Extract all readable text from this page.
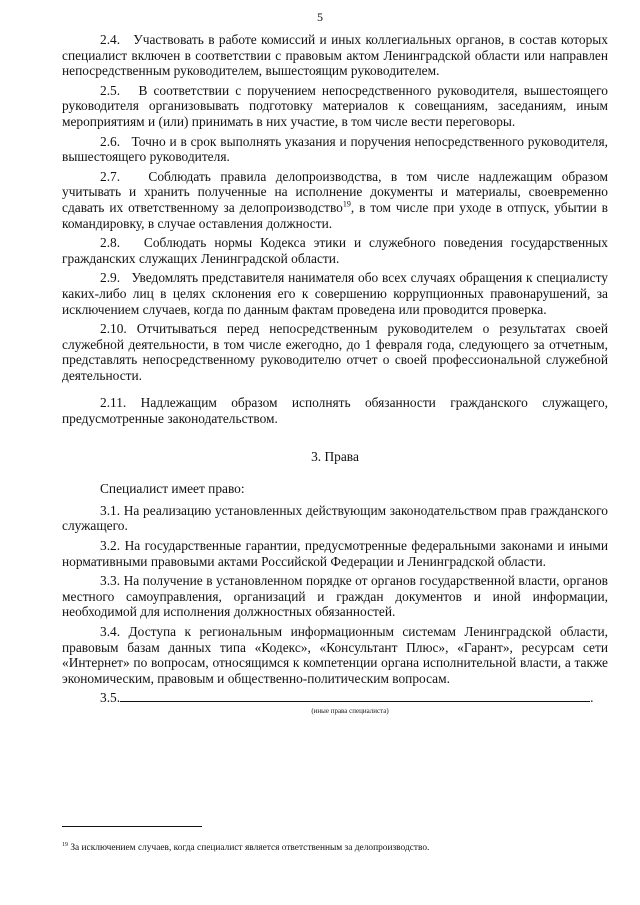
5

2.4. Участвовать в работе комиссий и иных коллегиальных органов, в состав которых специалист включен в соответствии с правовым актом Ленинградской области или направлен непосредственным руководителем, вышестоящим руководителем.

2.5. В соответствии с поручением непосредственного руководителя, вышестоящего руководителя организовывать подготовку материалов к совещаниям, заседаниям, иным мероприятиям и (или) принимать в них участие, в том числе вести переговоры.

2.6. Точно и в срок выполнять указания и поручения непосредственного руководителя, вышестоящего руководителя.

2.7. Соблюдать правила делопроизводства, в том числе надлежащим образом учитывать и хранить полученные на исполнение документы и материалы, своевременно сдавать их ответственному за делопроизводство$^{19}$, в том числе при уходе в отпуск, убытии в командировку, в случае оставления должности.

2.8. Соблюдать нормы Кодекса этики и служебного поведения государственных гражданских служащих Ленинградской области.

2.9. Уведомлять представителя нанимателя обо всех случаях обращения к специалисту каких-либо лиц в целях склонения его к совершению коррупционных правонарушений, за исключением случаев, когда по данным фактам проведена или проводится проверка.

2.10. Отчитываться перед непосредственным руководителем о результатах своей служебной деятельности, в том числе ежегодно, до 1 февраля года, следующего за отчетным, представлять непосредственному руководителю отчет о своей профессиональной служебной деятельности.

2.11. Надлежащим образом исполнять обязанности гражданского служащего, предусмотренные законодательством.

3. Права

Специалист имеет право:

3.1. На реализацию установленных действующим законодательством прав гражданского служащего.

3.2. На государственные гарантии, предусмотренные федеральными законами и иными нормативными правовыми актами Российской Федерации и Ленинградской области.

3.3. На получение в установленном порядке от органов государственной власти, органов местного самоуправления, организаций и граждан документов и иной информации, необходимой для исполнения должностных обязанностей.

3.4. Доступа к региональным информационным системам Ленинградской области, правовым базам данных типа «Кодекс», «Консультант Плюс», «Гарант», ресурсам сети «Интернет» по вопросам, относящимся к компетенции органа исполнительной власти, а также экономическим, правовым и общественно-политическим вопросам.

3.5.	.

(иные права специалиста)

$^{19}$ За исключением случаев, когда специалист является ответственным за делопроизводство.
